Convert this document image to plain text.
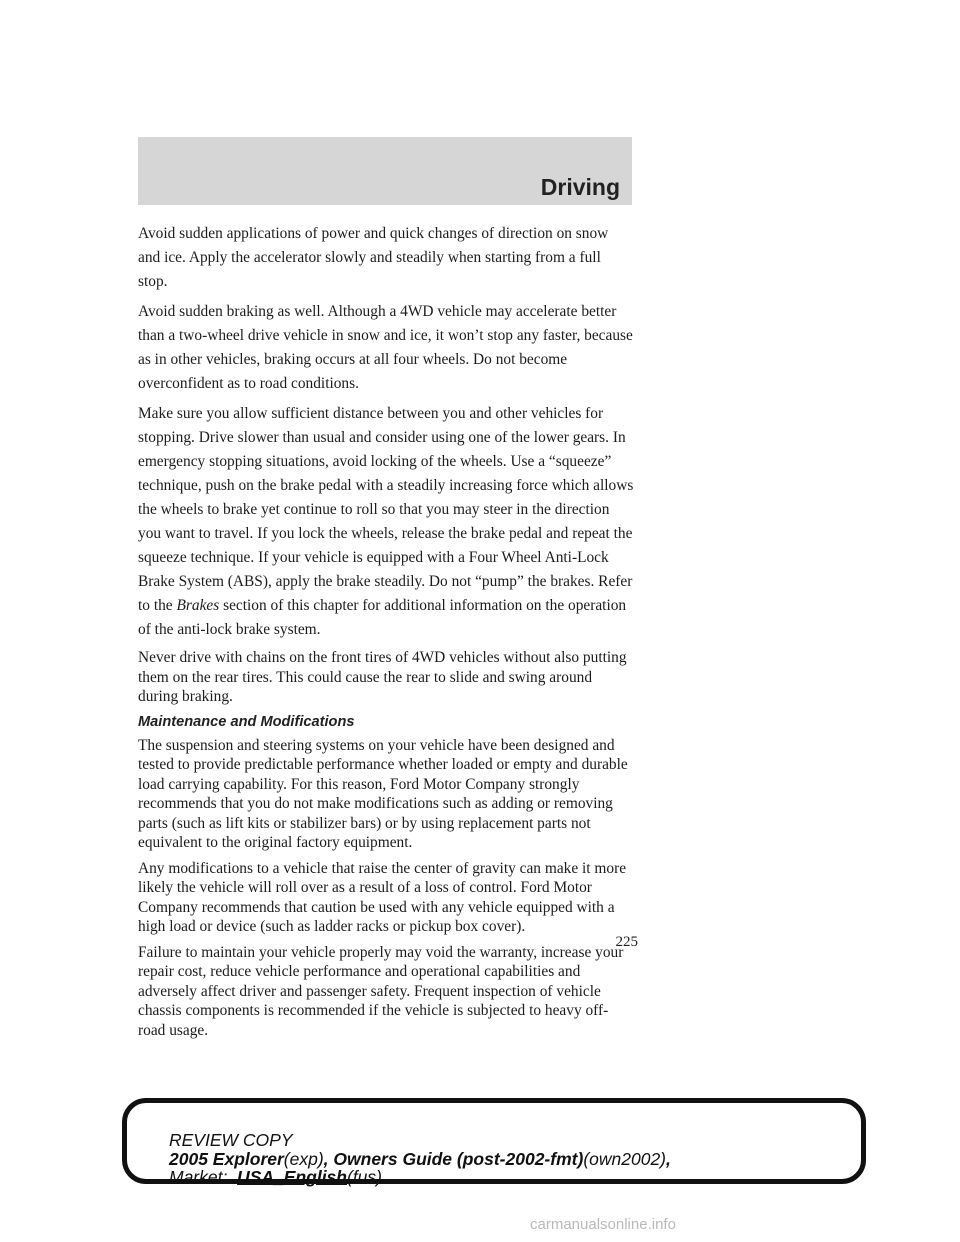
Driving

Avoid sudden applications of power and quick changes of direction on snow and ice. Apply the accelerator slowly and steadily when starting from a full stop.

Avoid sudden braking as well. Although a 4WD vehicle may accelerate better than a two-wheel drive vehicle in snow and ice, it won’t stop any faster, because as in other vehicles, braking occurs at all four wheels. Do not become overconfident as to road conditions.

Make sure you allow sufficient distance between you and other vehicles for stopping. Drive slower than usual and consider using one of the lower gears. In emergency stopping situations, avoid locking of the wheels. Use a “squeeze” technique, push on the brake pedal with a steadily increasing force which allows the wheels to brake yet continue to roll so that you may steer in the direction you want to travel. If you lock the wheels, release the brake pedal and repeat the squeeze technique. If your vehicle is equipped with a Four Wheel Anti-Lock Brake System (ABS), apply the brake steadily. Do not “pump” the brakes. Refer to the Brakes section of this chapter for additional information on the operation of the anti-lock brake system.

Never drive with chains on the front tires of 4WD vehicles without also putting them on the rear tires. This could cause the rear to slide and swing around during braking.

Maintenance and Modifications

The suspension and steering systems on your vehicle have been designed and tested to provide predictable performance whether loaded or empty and durable load carrying capability. For this reason, Ford Motor Company strongly recommends that you do not make modifications such as adding or removing parts (such as lift kits or stabilizer bars) or by using replacement parts not equivalent to the original factory equipment.

Any modifications to a vehicle that raise the center of gravity can make it more likely the vehicle will roll over as a result of a loss of control. Ford Motor Company recommends that caution be used with any vehicle equipped with a high load or device (such as ladder racks or pickup box cover).

Failure to maintain your vehicle properly may void the warranty, increase your repair cost, reduce vehicle performance and operational capabilities and adversely affect driver and passenger safety. Frequent inspection of vehicle chassis components is recommended if the vehicle is subjected to heavy off-road usage.

225
REVIEW COPY
2005 Explorer(exp), Owners Guide (post-2002-fmt)(own2002),
Market: USA_English(fus)
carmanualsonline.info
